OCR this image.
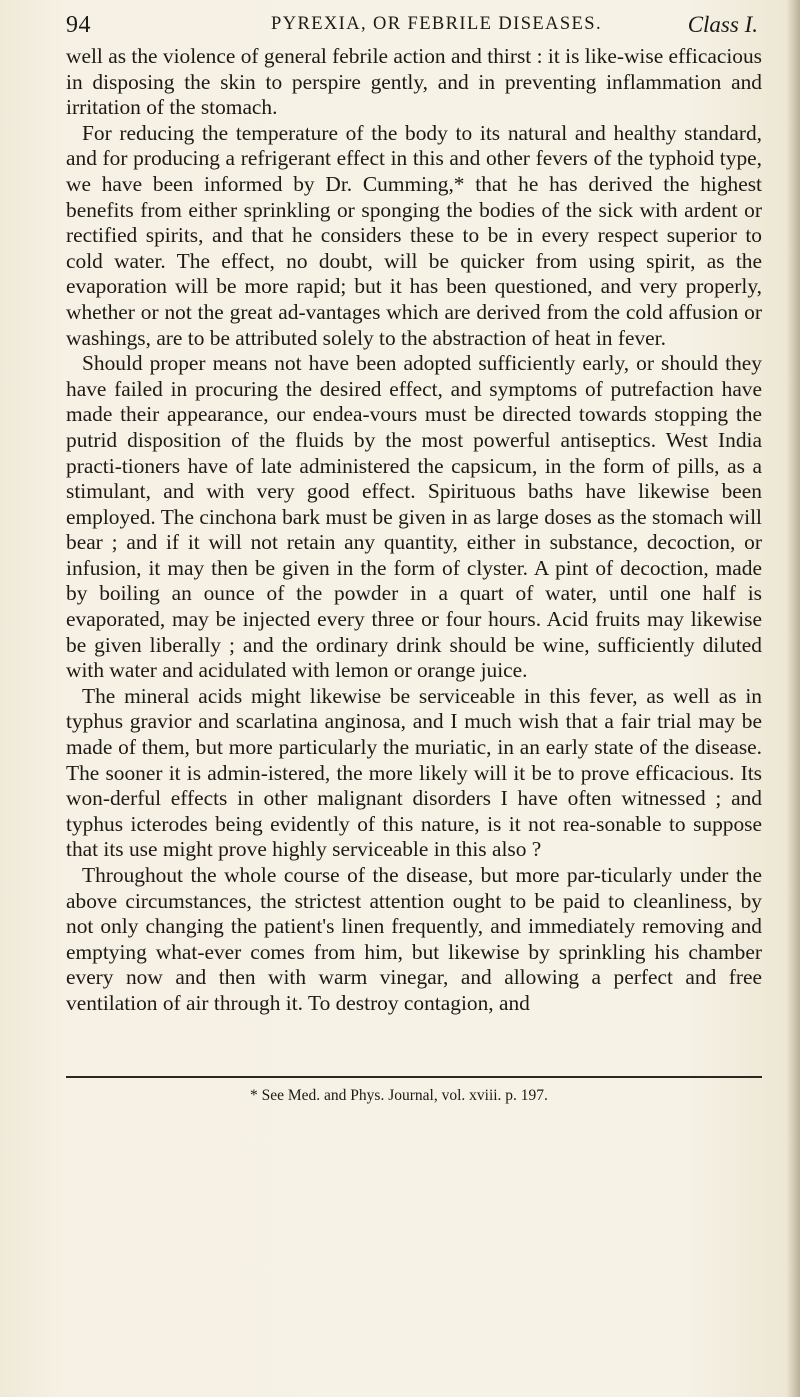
94	PYREXIA, OR FEBRILE DISEASES.	Class I.

well as the violence of general febrile action and thirst : it is like-wise efficacious in disposing the skin to perspire gently, and in preventing inflammation and irritation of the stomach.

For reducing the temperature of the body to its natural and healthy standard, and for producing a refrigerant effect in this and other fevers of the typhoid type, we have been informed by Dr. Cumming,* that he has derived the highest benefits from either sprinkling or sponging the bodies of the sick with ardent or rectified spirits, and that he considers these to be in every respect superior to cold water. The effect, no doubt, will be quicker from using spirit, as the evaporation will be more rapid; but it has been questioned, and very properly, whether or not the great ad-vantages which are derived from the cold affusion or washings, are to be attributed solely to the abstraction of heat in fever.

Should proper means not have been adopted sufficiently early, or should they have failed in procuring the desired effect, and symptoms of putrefaction have made their appearance, our endea-vours must be directed towards stopping the putrid disposition of the fluids by the most powerful antiseptics. West India practi-tioners have of late administered the capsicum, in the form of pills, as a stimulant, and with very good effect. Spirituous baths have likewise been employed. The cinchona bark must be given in as large doses as the stomach will bear ; and if it will not retain any quantity, either in substance, decoction, or infusion, it may then be given in the form of clyster. A pint of decoction, made by boiling an ounce of the powder in a quart of water, until one half is evaporated, may be injected every three or four hours. Acid fruits may likewise be given liberally ; and the ordinary drink should be wine, sufficiently diluted with water and acidulated with lemon or orange juice.

The mineral acids might likewise be serviceable in this fever, as well as in typhus gravior and scarlatina anginosa, and I much wish that a fair trial may be made of them, but more particularly the muriatic, in an early state of the disease. The sooner it is admin-istered, the more likely will it be to prove efficacious. Its won-derful effects in other malignant disorders I have often witnessed ; and typhus icterodes being evidently of this nature, is it not rea-sonable to suppose that its use might prove highly serviceable in this also ?

Throughout the whole course of the disease, but more par-ticularly under the above circumstances, the strictest attention ought to be paid to cleanliness, by not only changing the patient's linen frequently, and immediately removing and emptying what-ever comes from him, but likewise by sprinkling his chamber every now and then with warm vinegar, and allowing a perfect and free ventilation of air through it. To destroy contagion, and

* See Med. and Phys. Journal, vol. xviii. p. 197.
